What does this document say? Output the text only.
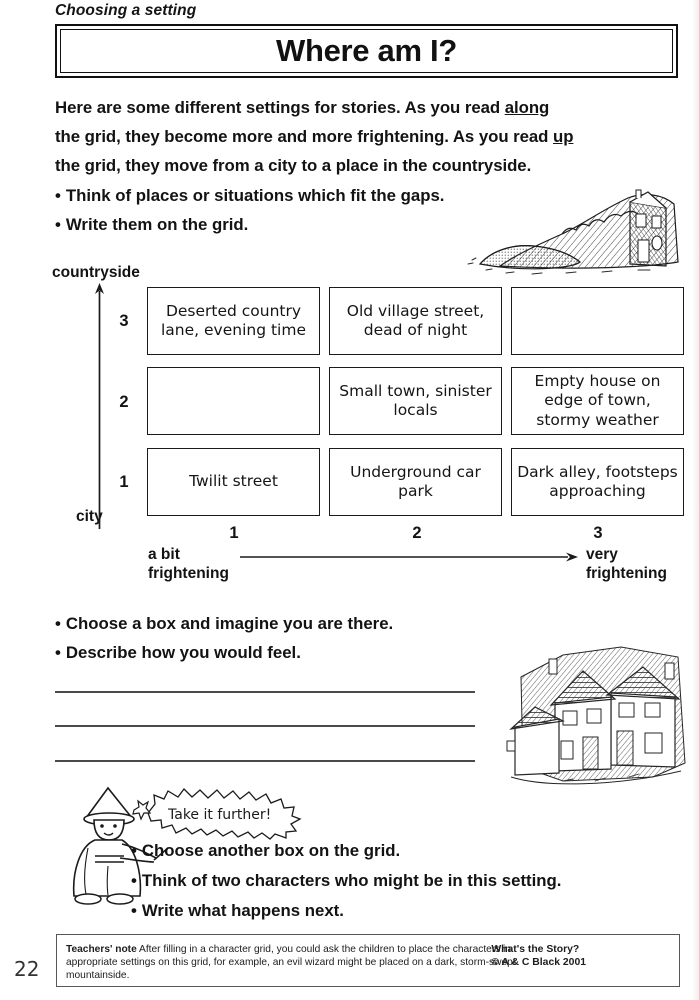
Choosing a setting
Where am I?
Here are some different settings for stories. As you read along
the grid, they become more and more frightening. As you read up
the grid, they move from a city to a place in the countryside.
• Think of places or situations which fit the gaps.
• Write them on the grid.
countryside
city
3
2
1
Deserted country lane, evening time
Old village street, dead of night
Small town, sinister locals
Empty house on edge of town, stormy weather
Twilit street
Underground car park
Dark alley, footsteps approaching
1	2	3
a bit
frightening
very
frightening
• Choose a box and imagine you are there.
• Describe how you would feel.
Take it further!
• Choose another box on the grid.
• Think of two characters who might be in this setting.
• Write what happens next.
22
Teachers' note After filling in a character grid, you could ask the children to place the characters in appropriate settings on this grid, for example, an evil wizard might be placed on a dark, storm-swept mountainside.
What's the Story?
© A & C Black 2001
